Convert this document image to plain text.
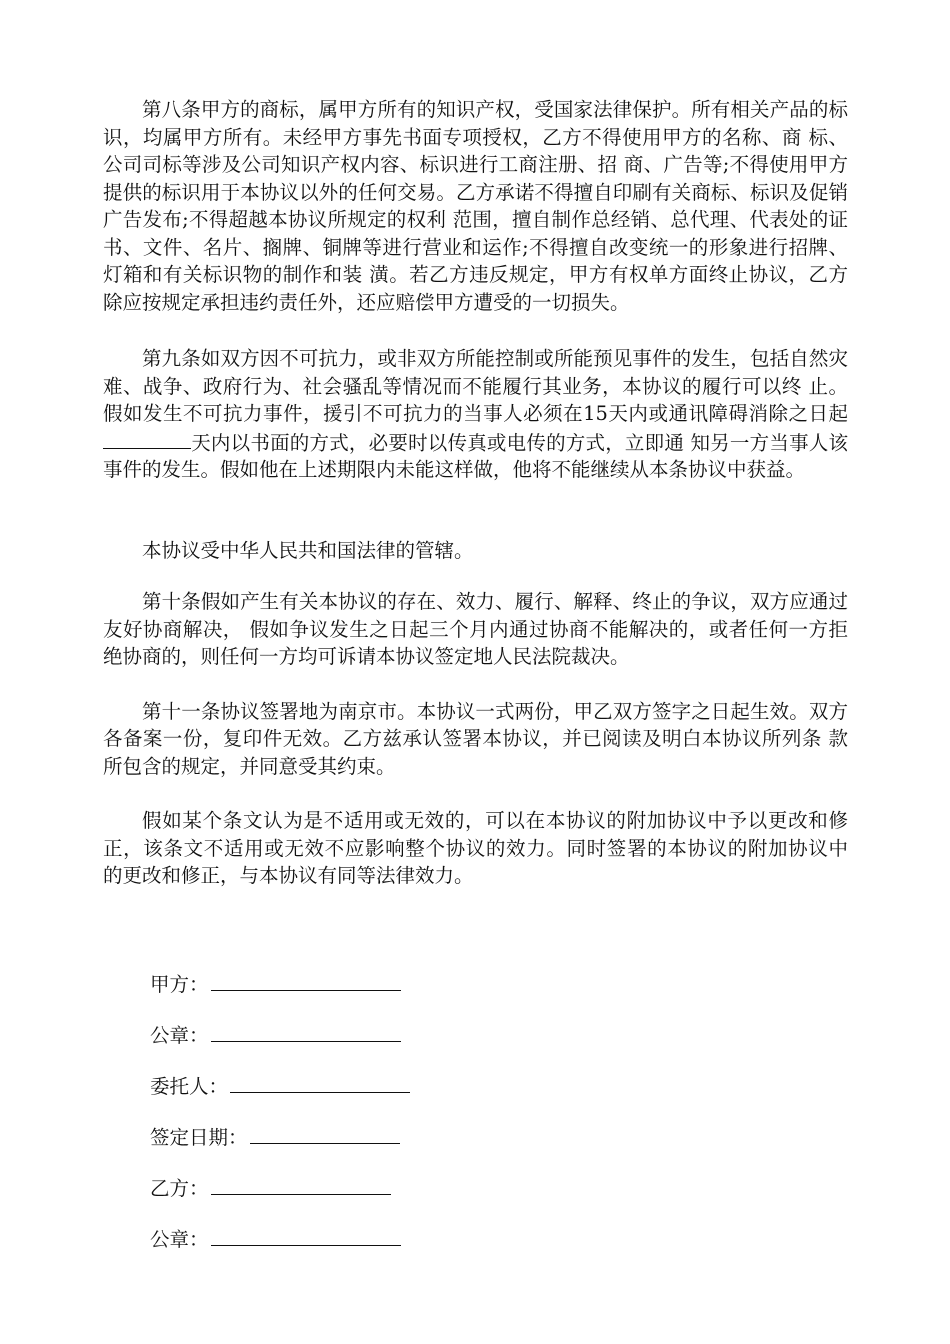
第八条甲方的商标，属甲方所有的知识产权，受国家法律保护。所有相关产品的标识，均属甲方所有。未经甲方事先书面专项授权，乙方不得使用甲方的名称、商 标、公司司标等涉及公司知识产权内容、标识进行工商注册、招 商、广告等;不得使用甲方提供的标识用于本协议以外的任何交易。乙方承诺不得擅自印刷有关商标、标识及促销广告发布;不得超越本协议所规定的权利 范围，擅自制作总经销、总代理、代表处的证书、文件、名片、搁牌、铜牌等进行营业和运作;不得擅自改变统一的形象进行招牌、灯箱和有关标识物的制作和装 潢。若乙方违反规定，甲方有权单方面终止协议，乙方除应按规定承担违约责任外，还应赔偿甲方遭受的一切损失。

第九条如双方因不可抗力，或非双方所能控制或所能预见事件的发生，包括自然灾难、战争、政府行为、社会骚乱等情况而不能履行其业务，本协议的履行可以终 止。假如发生不可抗力事件，援引不可抗力的当事人必须在15天内或通讯障碍消除之日起天内以书面的方式，必要时以传真或电传的方式，立即通 知另一方当事人该事件的发生。假如他在上述期限内未能这样做，他将不能继续从本条协议中获益。

本协议受中华人民共和国法律的管辖。

第十条假如产生有关本协议的存在、效力、履行、解释、终止的争议，双方应通过友好协商解决， 假如争议发生之日起三个月内通过协商不能解决的，或者任何一方拒绝协商的，则任何一方均可诉请本协议签定地人民法院裁决。

第十一条协议签署地为南京市。本协议一式两份，甲乙双方签字之日起生效。双方各备案一份，复印件无效。乙方兹承认签署本协议，并已阅读及明白本协议所列条 款所包含的规定，并同意受其约束。

假如某个条文认为是不适用或无效的，可以在本协议的附加协议中予以更改和修正，该条文不适用或无效不应影响整个协议的效力。同时签署的本协议的附加协议中 的更改和修正，与本协议有同等法律效力。

甲方：
公章：
委托人：
签定日期：
乙方：
公章：
